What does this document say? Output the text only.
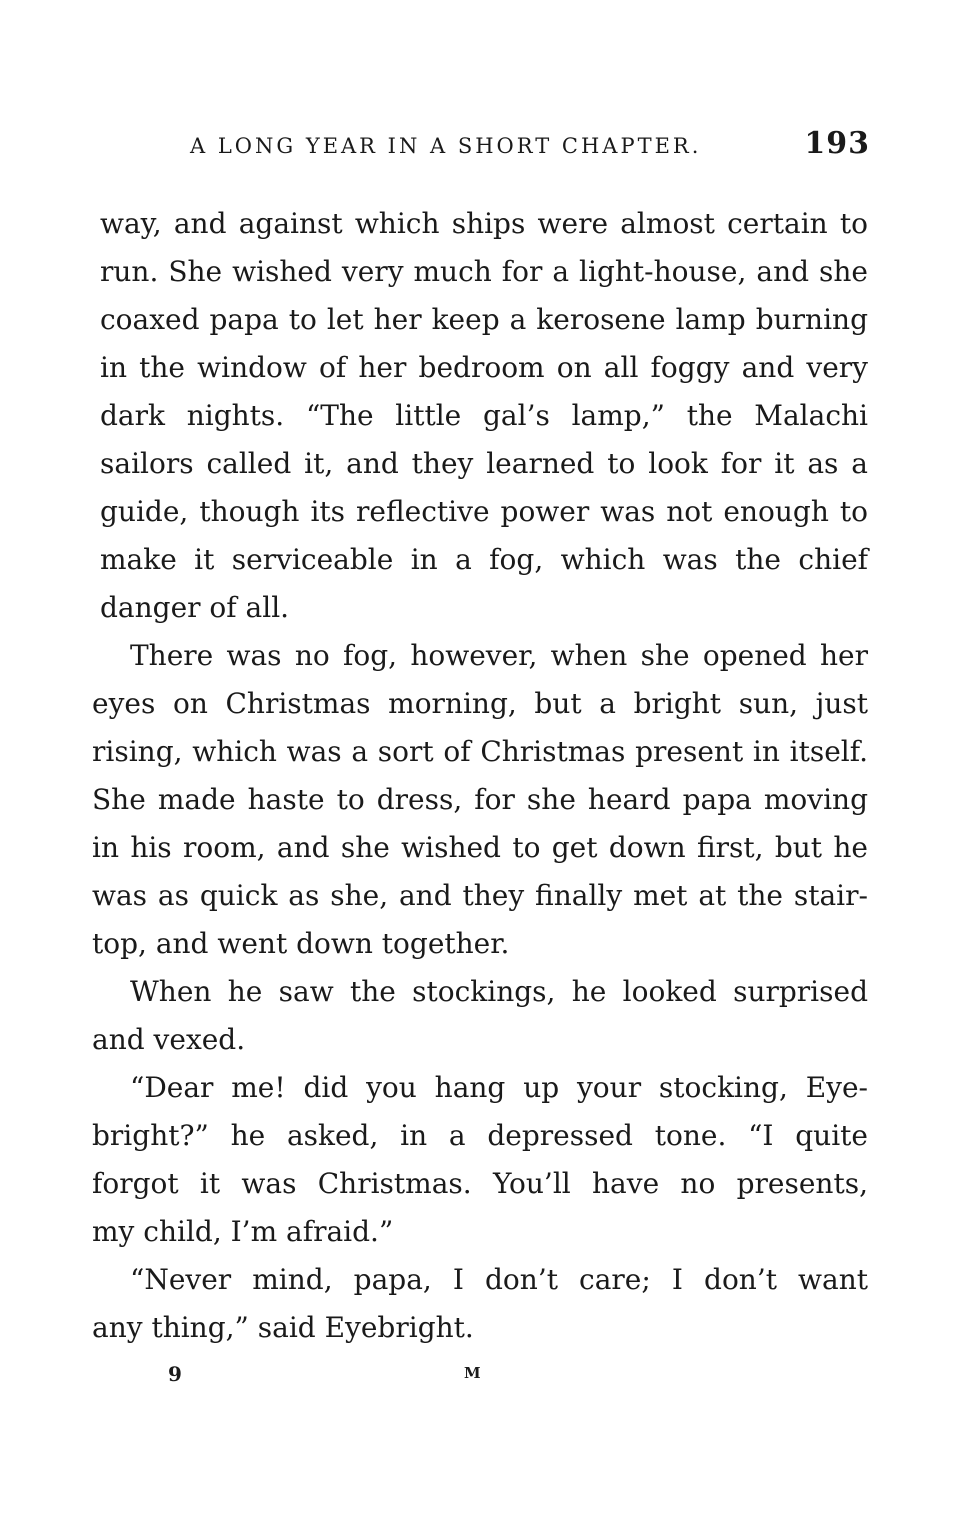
A LONG YEAR IN A SHORT CHAPTER.	193
way, and against which ships were almost certain to
run. She wished very much for a light-house, and she
coaxed papa to let her keep a kerosene lamp burning
in the window of her bedroom on all foggy and very
dark nights. “The little gal’s lamp,” the Malachi
sailors called it, and they learned to look for it as a
guide, though its reflective power was not enough to
make it serviceable in a fog, which was the chief
danger of all.
There was no fog, however, when she opened her
eyes on Christmas morning, but a bright sun, just
rising, which was a sort of Christmas present in itself.
She made haste to dress, for she heard papa moving
in his room, and she wished to get down first, but he
was as quick as she, and they finally met at the stair-
top, and went down together.
When he saw the stockings, he looked surprised
and vexed.
“Dear me! did you hang up your stocking, Eye-
bright?” he asked, in a depressed tone. “I quite
forgot it was Christmas. You’ll have no presents,
my child, I’m afraid.”
“Never mind, papa, I don’t care; I don’t want
any thing,” said Eyebright.
9	M
